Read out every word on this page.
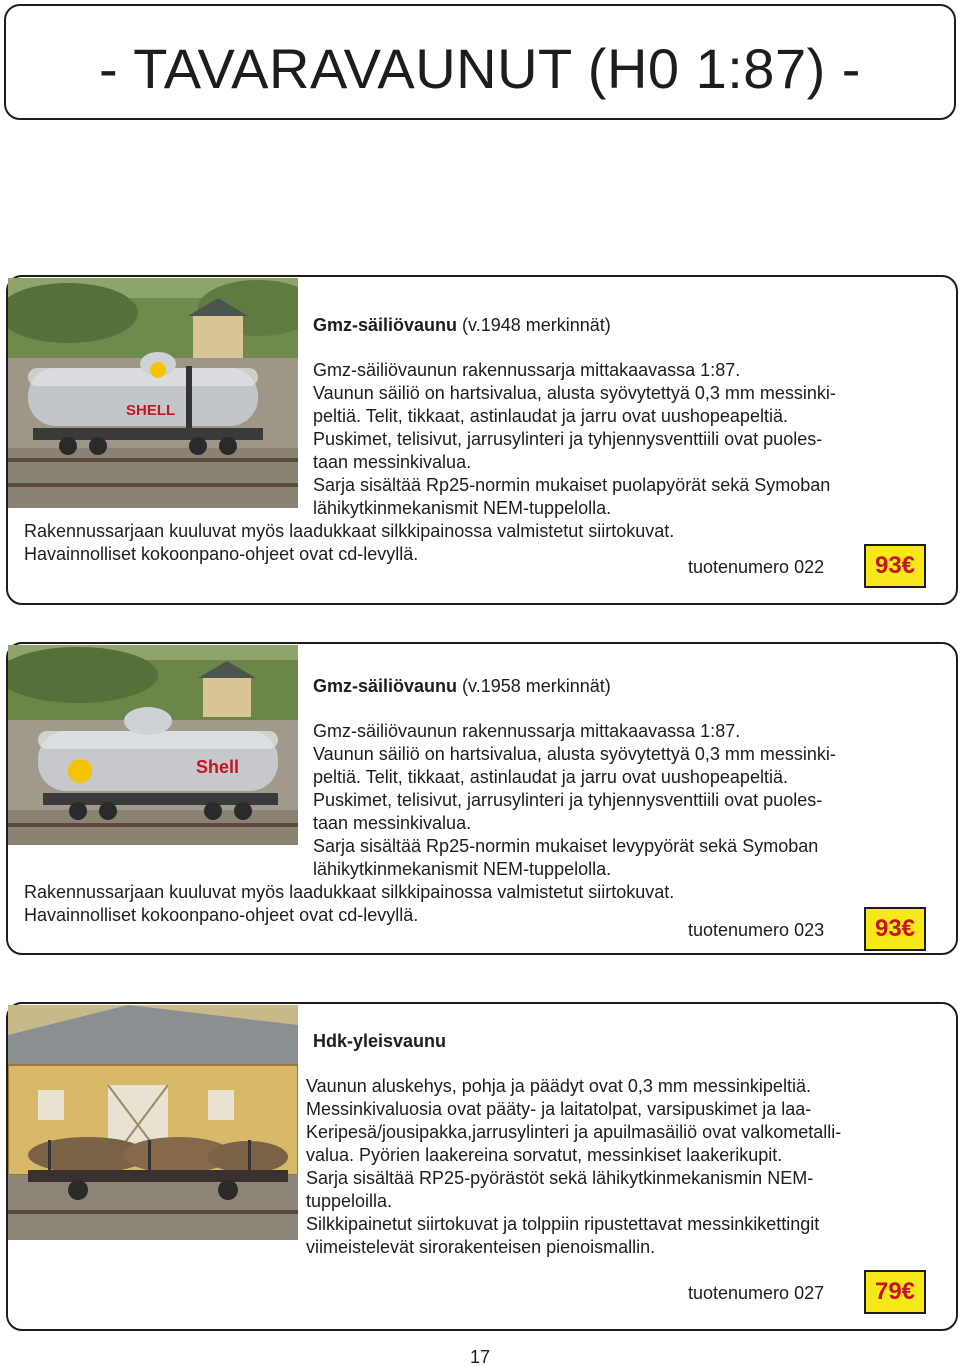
- TAVARAVAUNUT (H0 1:87) -
SHELL
Gmz-säiliövaunu (v.1948 merkinnät)
Gmz-säiliövaunun rakennussarja mittakaavassa 1:87.
Vaunun säiliö on hartsivalua, alusta syövytettyä 0,3 mm messinki-
peltiä. Telit, tikkaat, astinlaudat ja jarru ovat uushopeapeltiä.
Puskimet, telisivut, jarrusylinteri ja tyhjennysventtiili ovat puoles-
taan messinkivalua.
Sarja sisältää Rp25-normin mukaiset puolapyörät sekä Symoban
lähikytkinmekanismit NEM-tuppelolla.
Rakennussarjaan kuuluvat myös laadukkaat silkkipainossa valmistetut siirtokuvat.
Havainnolliset kokoonpano-ohjeet ovat cd-levyllä.
tuotenumero 022	93€
Shell
Gmz-säiliövaunu (v.1958 merkinnät)
Gmz-säiliövaunun rakennussarja mittakaavassa 1:87.
Vaunun säiliö on hartsivalua, alusta syövytettyä 0,3 mm messinki-
peltiä. Telit, tikkaat, astinlaudat ja jarru ovat uushopeapeltiä.
Puskimet, telisivut, jarrusylinteri ja tyhjennysventtiili ovat puoles-
taan messinkivalua.
Sarja sisältää Rp25-normin mukaiset levypyörät sekä Symoban
lähikytkinmekanismit NEM-tuppelolla.
Rakennussarjaan kuuluvat myös laadukkaat silkkipainossa valmistetut siirtokuvat.
Havainnolliset kokoonpano-ohjeet ovat cd-levyllä.
tuotenumero 023	93€
Hdk-yleisvaunu
Vaunun aluskehys, pohja ja päädyt ovat 0,3 mm messinkipeltiä.
Messinkivaluosia ovat pääty- ja laitatolpat, varsipuskimet ja laa-
Keripesä/jousipakka,jarrusylinteri ja apuilmasäiliö ovat valkometalli-
valua. Pyörien laakereina sorvatut, messinkiset laakerikupit.
Sarja sisältää RP25-pyörästöt sekä lähikytkinmekanismin NEM-
tuppeloilla.
Silkkipainetut siirtokuvat ja tolppiin ripustettavat messinkikettingit
viimeistelevät sirorakenteisen pienoismallin.
tuotenumero 027	79€
17
